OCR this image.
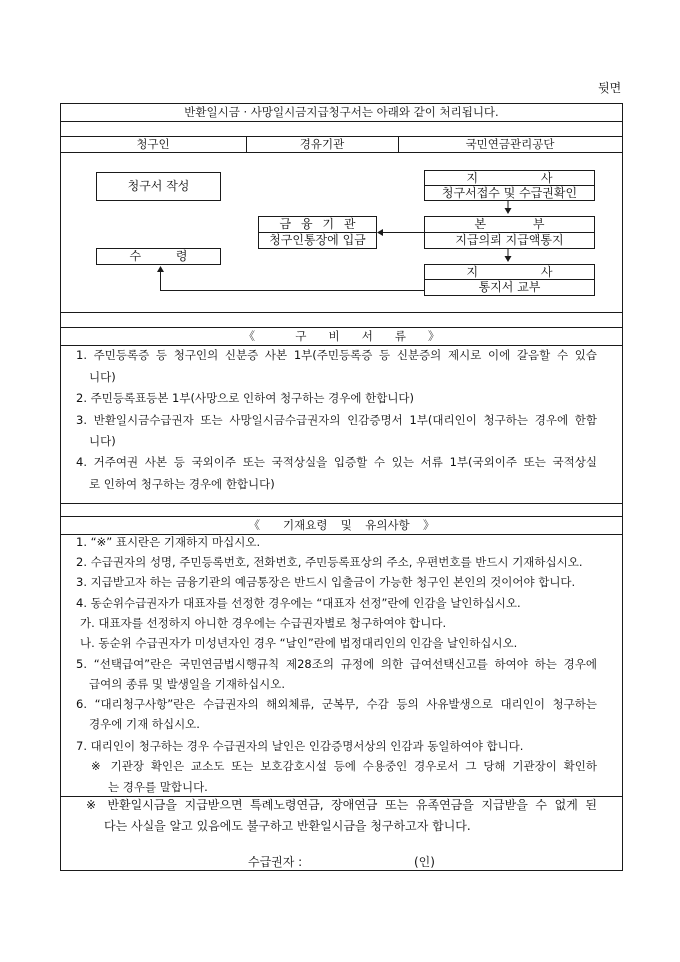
뒷면
반환일시금 · 사망일시금지급청구서는 아래와 같이 처리됩니다.
청구인	경유기관	국민연금관리공단
청구서 작성
수 령
금 융 기 관
청구인통장에 입금
지 사
청구서접수 및 수급권확인
본 부
지급의뢰 지급액통지
지 사
통지서 교부
《 구 비 서 류 》
1. 주민등록증 등 청구인의 신분증 사본 1부(주민등록증 등 신분증의 제시로 이에 갈음할 수 있습
니다)
2. 주민등록표등본 1부(사망으로 인하여 청구하는 경우에 한합니다)
3. 반환일시금수급권자 또는 사망일시금수급권자의 인감증명서 1부(대리인이 청구하는 경우에 한함
니다)
4. 거주여권 사본 등 국외이주 또는 국적상실을 입증할 수 있는 서류 1부(국외이주 또는 국적상실
로 인하여 청구하는 경우에 한합니다)
《 기재요령 및 유의사항 》
1. “※” 표시란은 기재하지 마십시오.
2. 수급권자의 성명, 주민등록번호, 전화번호, 주민등록표상의 주소, 우편번호를 반드시 기재하십시오.
3. 지급받고자 하는 금융기관의 예금통장은 반드시 입출금이 가능한 청구인 본인의 것이어야 합니다.
4. 동순위수급권자가 대표자를 선정한 경우에는 “대표자 선정”란에 인감을 날인하십시오.
가. 대표자를 선정하지 아니한 경우에는 수급권자별로 청구하여야 합니다.
나. 동순위 수급권자가 미성년자인 경우 “날인”란에 법정대리인의 인감을 날인하십시오.
5. “선택급여”란은 국민연금법시행규칙 제28조의 규정에 의한 급여선택신고를 하여야 하는 경우에
급여의 종류 및 발생일을 기재하십시오.
6. “대리청구사항”란은 수급권자의 해외체류, 군복무, 수감 등의 사유발생으로 대리인이 청구하는
경우에 기재 하십시오.
7. 대리인이 청구하는 경우 수급권자의 날인은 인감증명서상의 인감과 동일하여야 합니다.
※ 기관장 확인은 교소도 또는 보호감호시설 등에 수용중인 경우로서 그 당해 기관장이 확인하
는 경우를 말합니다.
※ 반환일시금을 지급받으면 특례노령연금, 장애연금 또는 유족연금을 지급받을 수 없게 된
다는 사실을 알고 있음에도 불구하고 반환일시금을 청구하고자 합니다.
수급권자 :	(인)
